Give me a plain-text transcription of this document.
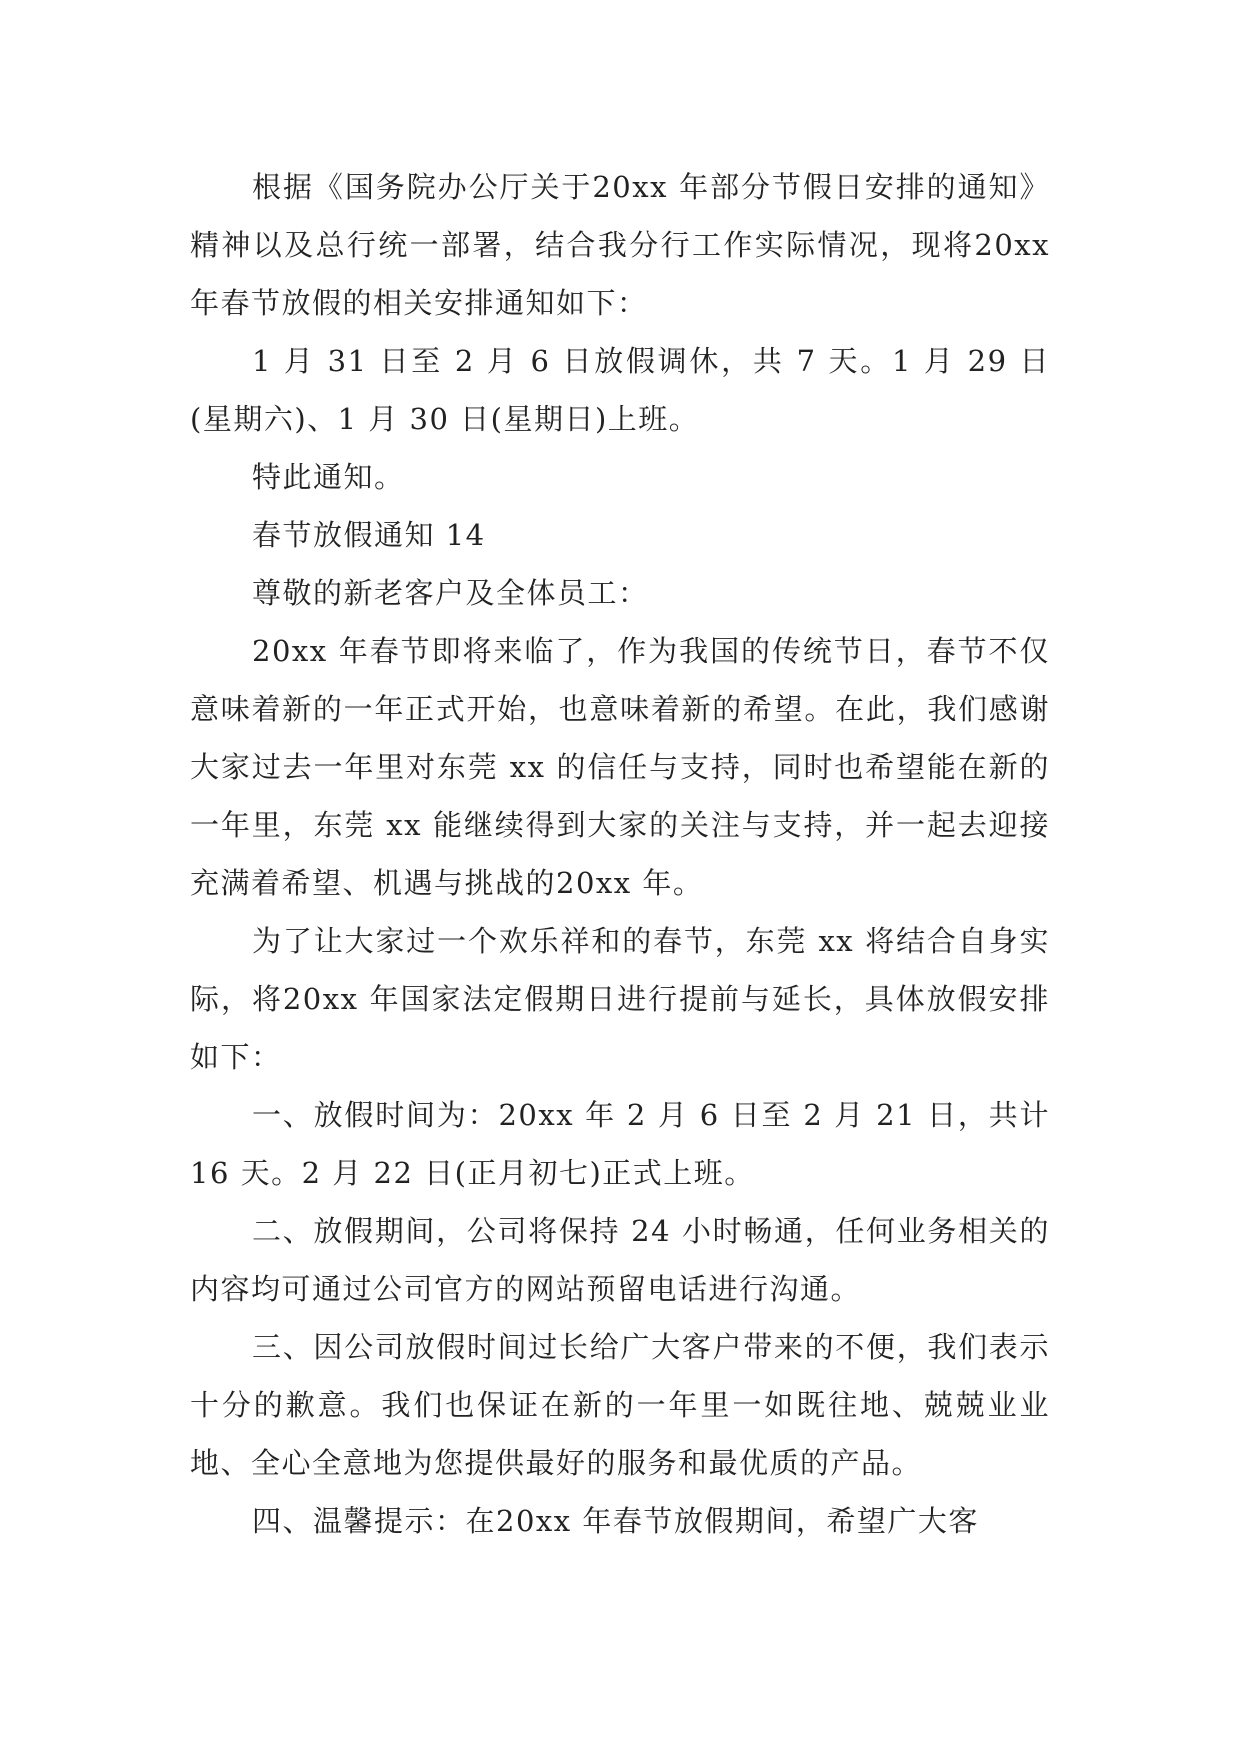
根据《国务院办公厅关于20xx 年部分节假日安排的通知》精神以及总行统一部署，结合我分行工作实际情况，现将20xx 年春节放假的相关安排通知如下：

1 月 31 日至 2 月 6 日放假调休，共 7 天。1 月 29 日(星期六)、1 月 30 日(星期日)上班。

特此通知。

春节放假通知 14

尊敬的新老客户及全体员工：

20xx 年春节即将来临了，作为我国的传统节日，春节不仅意味着新的一年正式开始，也意味着新的希望。在此，我们感谢大家过去一年里对东莞 xx 的信任与支持，同时也希望能在新的一年里，东莞 xx 能继续得到大家的关注与支持，并一起去迎接充满着希望、机遇与挑战的20xx 年。

为了让大家过一个欢乐祥和的春节，东莞 xx 将结合自身实际，将20xx 年国家法定假期日进行提前与延长，具体放假安排如下：

一、放假时间为：20xx 年 2 月 6 日至 2 月 21 日，共计 16 天。2 月 22 日(正月初七)正式上班。

二、放假期间，公司将保持 24 小时畅通，任何业务相关的内容均可通过公司官方的网站预留电话进行沟通。

三、因公司放假时间过长给广大客户带来的不便，我们表示十分的歉意。我们也保证在新的一年里一如既往地、兢兢业业地、全心全意地为您提供最好的服务和最优质的产品。

四、温馨提示：在20xx 年春节放假期间，希望广大客
